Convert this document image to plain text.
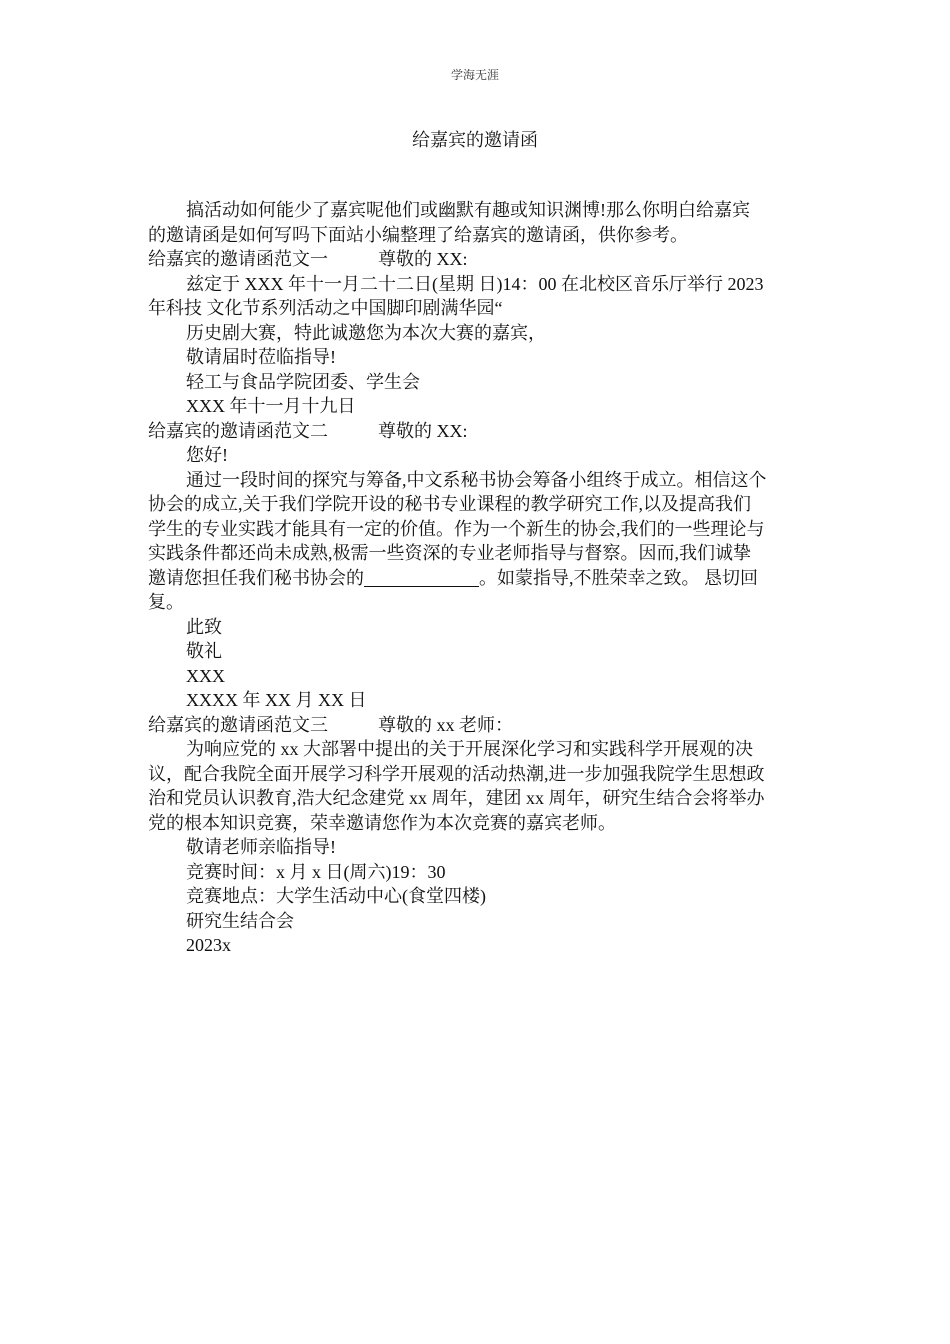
学海无涯
给嘉宾的邀请函
搞活动如何能少了嘉宾呢他们或幽默有趣或知识渊博!那么你明白给嘉宾
的邀请函是如何写吗下面站小编整理了给嘉宾的邀请函，供你参考。
给嘉宾的邀请函范文一	尊敬的 XX:
兹定于 XXX 年十一月二十二日(星期 日)14：00 在北校区音乐厅举行 2023
年科技 文化节系列活动之中国脚印剧满华园“
历史剧大赛，特此诚邀您为本次大赛的嘉宾，
敬请届时莅临指导!
轻工与食品学院团委、学生会
XXX 年十一月十九日
给嘉宾的邀请函范文二	尊敬的 XX:
您好!
通过一段时间的探究与筹备,中文系秘书协会筹备小组终于成立。相信这个
协会的成立,关于我们学院开设的秘书专业课程的教学研究工作,以及提高我们
学生的专业实践才能具有一定的价值。作为一个新生的协会,我们的一些理论与
实践条件都还尚未成熟,极需一些资深的专业老师指导与督察。因而,我们诚挚
邀请您担任我们秘书协会的	。如蒙指导,不胜荣幸之致。 恳切回
复。
此致
敬礼
XXX
XXXX 年 XX 月 XX 日
给嘉宾的邀请函范文三	尊敬的 xx 老师：
为响应党的 xx 大部署中提出的关于开展深化学习和实践科学开展观的决
议，配合我院全面开展学习科学开展观的活动热潮,进一步加强我院学生思想政
治和党员认识教育,浩大纪念建党 xx 周年，建团 xx 周年，研究生结合会将举办
党的根本知识竞赛，荣幸邀请您作为本次竞赛的嘉宾老师。
敬请老师亲临指导!
竞赛时间：x 月 x 日(周六)19：30
竞赛地点：大学生活动中心(食堂四楼)
研究生结合会
2023x
